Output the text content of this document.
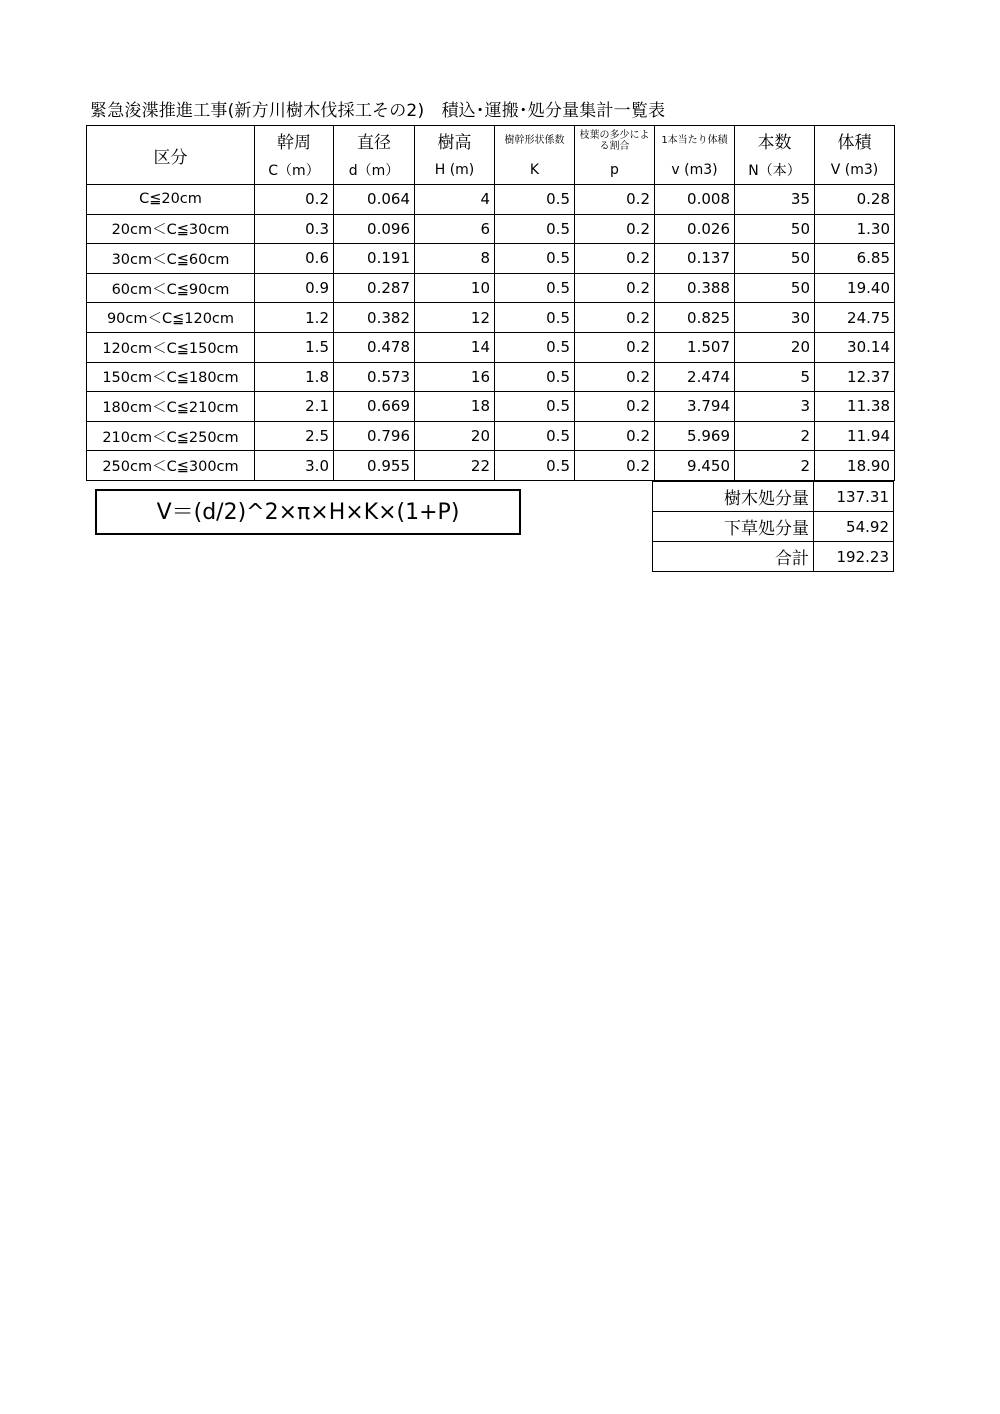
緊急浚渫推進工事(新方川樹木伐採工その2)　積込･運搬･処分量集計一覧表
区分	幹周	直径	樹高	樹幹形状係数	枝葉の多少による割合	1本当たり体積	本数	体積
	C（m）	d（m）	H (m)	K	p	v (m3)	N（本）	V (m3)
C≦20cm	0.2	0.064	4	0.5	0.2	0.008	35	0.28
20cm＜C≦30cm	0.3	0.096	6	0.5	0.2	0.026	50	1.30
30cm＜C≦60cm	0.6	0.191	8	0.5	0.2	0.137	50	6.85
60cm＜C≦90cm	0.9	0.287	10	0.5	0.2	0.388	50	19.40
90cm＜C≦120cm	1.2	0.382	12	0.5	0.2	0.825	30	24.75
120cm＜C≦150cm	1.5	0.478	14	0.5	0.2	1.507	20	30.14
150cm＜C≦180cm	1.8	0.573	16	0.5	0.2	2.474	5	12.37
180cm＜C≦210cm	2.1	0.669	18	0.5	0.2	3.794	3	11.38
210cm＜C≦250cm	2.5	0.796	20	0.5	0.2	5.969	2	11.94
250cm＜C≦300cm	3.0	0.955	22	0.5	0.2	9.450	2	18.90
V＝(d/2)^2×π×H×K×(1+P)
樹木処分量	137.31
下草処分量	54.92
合計	192.23
